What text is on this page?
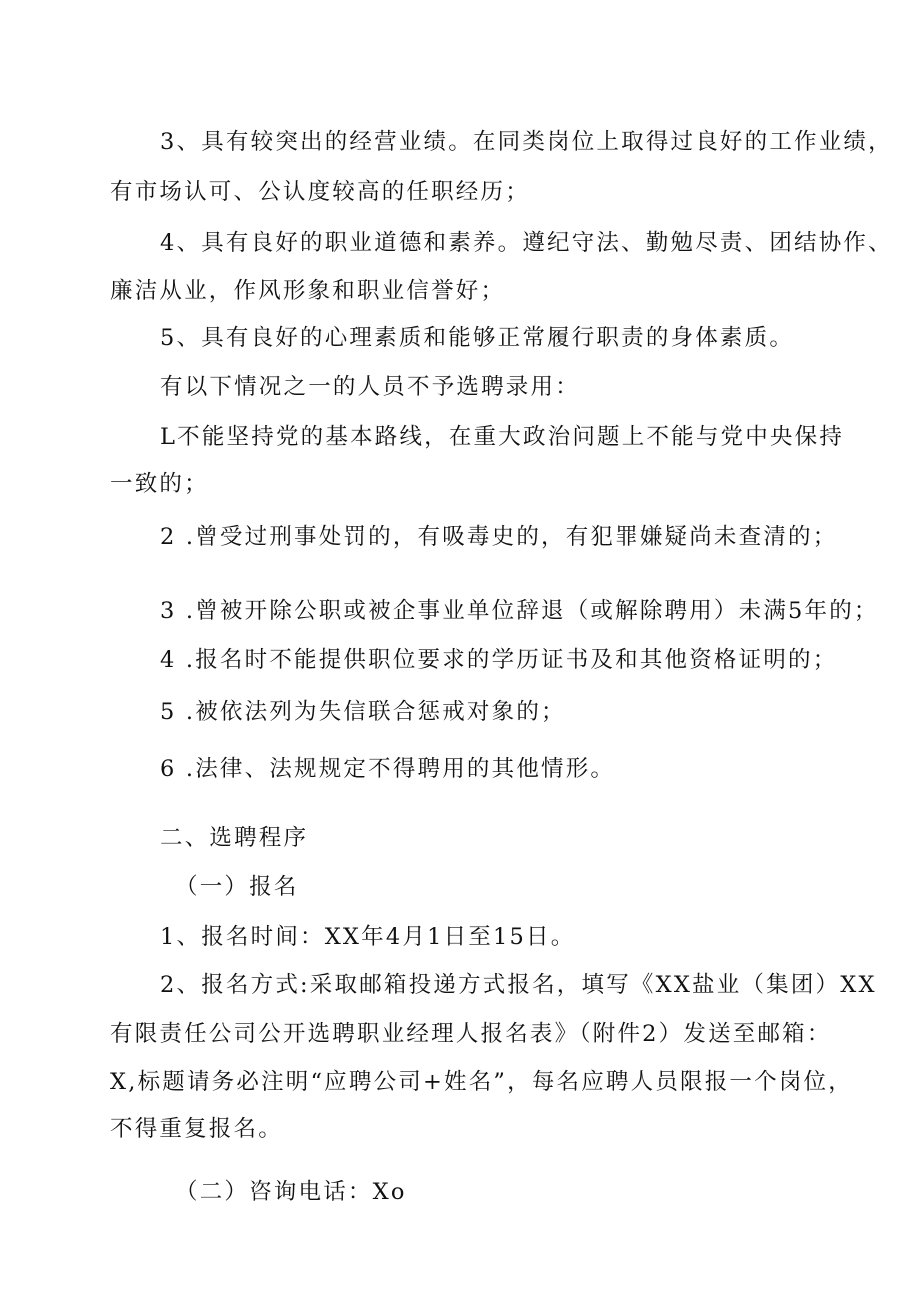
3、具有较突出的经营业绩。在同类岗位上取得过良好的工作业绩，
有市场认可、公认度较高的任职经历；
4、具有良好的职业道德和素养。遵纪守法、勤勉尽责、团结协作、
廉洁从业，作风形象和职业信誉好；
5、具有良好的心理素质和能够正常履行职责的身体素质。
有以下情况之一的人员不予选聘录用：
L不能坚持党的基本路线，在重大政治问题上不能与党中央保持
一致的；
2 .曾受过刑事处罚的，有吸毒史的，有犯罪嫌疑尚未查清的；
3 .曾被开除公职或被企事业单位辞退（或解除聘用）未满5年的；
4 .报名时不能提供职位要求的学历证书及和其他资格证明的；
5 .被依法列为失信联合惩戒对象的；
6 .法律、法规规定不得聘用的其他情形。
二、选聘程序
（一）报名
1、报名时间：XX年4月1日至15日。
2、报名方式:采取邮箱投递方式报名，填写《XX盐业（集团）XX
有限责任公司公开选聘职业经理人报名表》（附件2）发送至邮箱：
X,标题请务必注明“应聘公司+姓名”，每名应聘人员限报一个岗位，
不得重复报名。
（二）咨询电话：Xo
